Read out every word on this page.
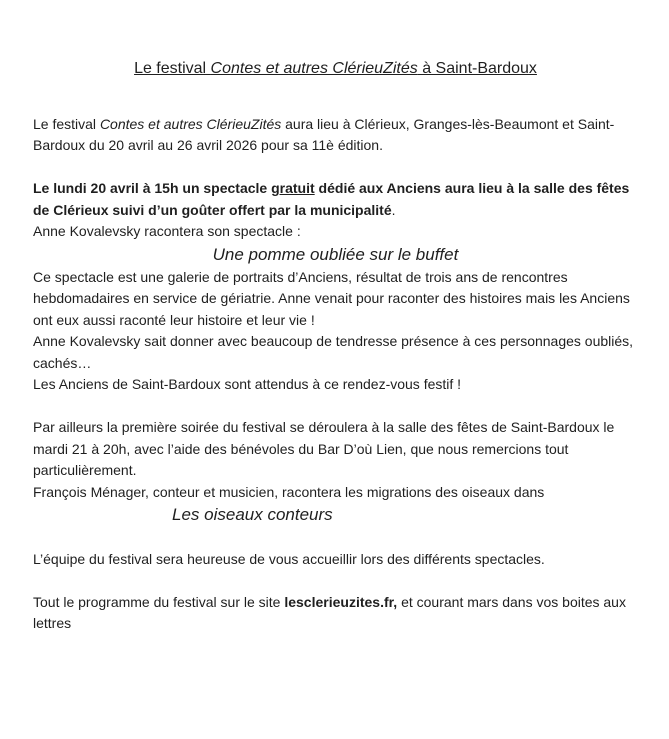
Le festival Contes et autres ClérieuZités à Saint-Bardoux

Le festival Contes et autres ClérieuZités aura lieu à Clérieux, Granges-lès-Beaumont et Saint-Bardoux du 20 avril au 26 avril 2026 pour sa 11è édition.

Le lundi 20 avril à 15h un spectacle gratuit dédié aux Anciens aura lieu à la salle des fêtes de Clérieux suivi d’un goûter offert par la municipalité.
Anne Kovalevsky racontera son spectacle :
Une pomme oubliée sur le buffet
Ce spectacle est une galerie de portraits d’Anciens, résultat de trois ans de rencontres hebdomadaires en service de gériatrie. Anne venait pour raconter des histoires mais les Anciens ont eux aussi raconté leur histoire et leur vie !
Anne Kovalevsky sait donner avec beaucoup de tendresse présence à ces personnages oubliés, cachés…
Les Anciens de Saint-Bardoux sont attendus à ce rendez-vous festif !

Par ailleurs la première soirée du festival se déroulera à la salle des fêtes de Saint-Bardoux le mardi 21 à 20h, avec l’aide des bénévoles du Bar D’où Lien, que nous remercions tout particulièrement.
François Ménager, conteur et musicien, racontera les migrations des oiseaux dans
Les oiseaux conteurs

L’équipe du festival sera heureuse de vous accueillir lors des différents spectacles.

Tout le programme du festival sur le site lesclerieuzites.fr, et courant mars dans vos boites aux lettres
